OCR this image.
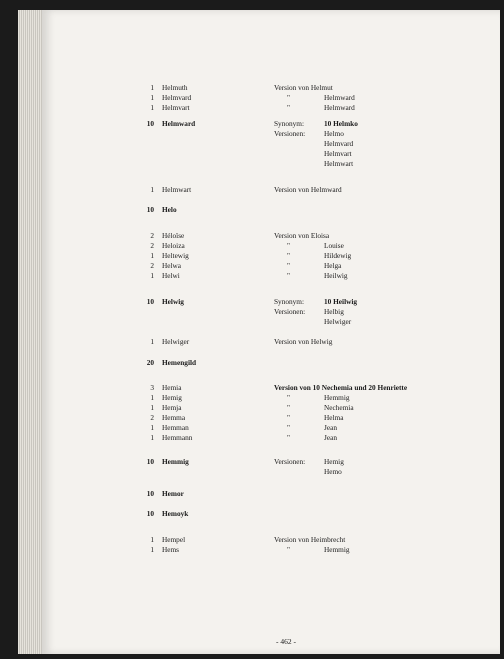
1 Helmuth	Version von Helmut
1 Helmvard	"	Helmward
1 Helmvart	"	Helmward
10 Helmward	Synonym:	10 Helmko
Versionen:	Helmo
Helmvard
Helmvart
Helmwart
1 Helmwart	Version von Helmward
10 Helo
2 Héloïse	Version von Eloisa
2 Heloiza	"	Louise
1 Heltewig	"	Hildewig
2 Helwa	"	Helga
1 Helwi	"	Heilwig
10 Helwig	Synonym:	10 Heilwig
Versionen:	Helbig
Helwiger
1 Helwiger	Version von Helwig
20 Hemengild
3 Hemia	Version von 10 Nechemia und 20 Henriette
1 Hemig	"	Hemmig
1 Hemja	"	Nechemia
2 Hemma	"	Helma
1 Hemman	"	Jean
1 Hemmann	"	Jean
10 Hemmig	Versionen:	Hemig
Hemo
10 Hemor
10 Hemoyk
1 Hempel	Version von Heimbrecht
1 Hems	"	Hemmig
- 462 -
